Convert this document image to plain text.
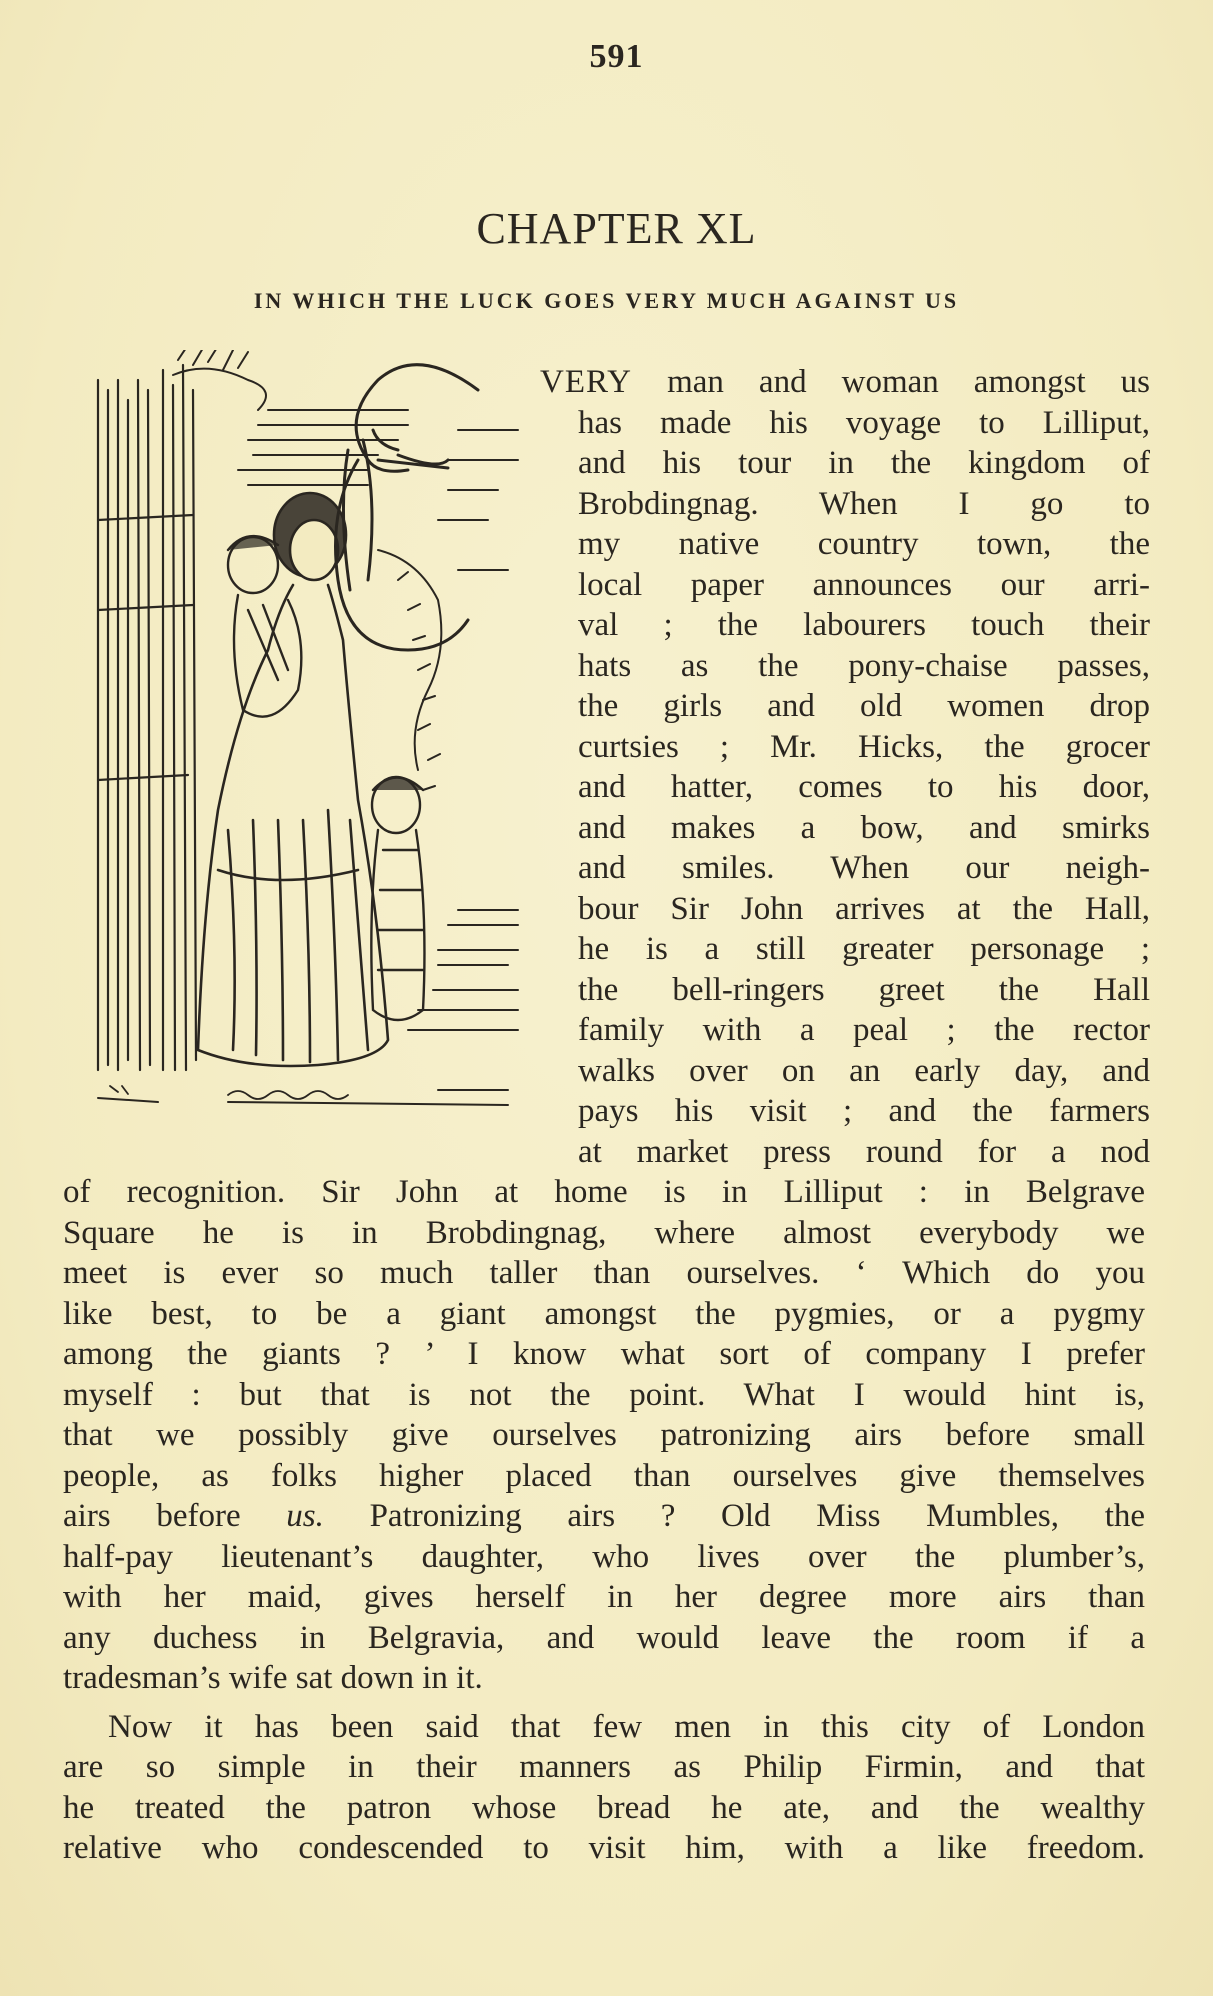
591
CHAPTER XL
IN WHICH THE LUCK GOES VERY MUCH AGAINST US
VERY man and woman amongst us
has made his voyage to Lilliput,
and his tour in the kingdom of
Brobdingnag. When I go to
my native country town, the
local paper announces our arri-
val ; the labourers touch their
hats as the pony-chaise passes,
the girls and old women drop
curtsies ; Mr. Hicks, the grocer
and hatter, comes to his door,
and makes a bow, and smirks
and smiles. When our neigh-
bour Sir John arrives at the Hall,
he is a still greater personage ;
the bell-ringers greet the Hall
family with a peal ; the rector
walks over on an early day, and
pays his visit ; and the farmers
at market press round for a nod
of recognition. Sir John at home is in Lilliput : in Belgrave
Square he is in Brobdingnag, where almost everybody we
meet is ever so much taller than ourselves. ‘ Which do you
like best, to be a giant amongst the pygmies, or a pygmy
among the giants ? ’ I know what sort of company I prefer
myself : but that is not the point. What I would hint is,
that we possibly give ourselves patronizing airs before small
people, as folks higher placed than ourselves give themselves
airs before us. Patronizing airs ? Old Miss Mumbles, the
half-pay lieutenant’s daughter, who lives over the plumber’s,
with her maid, gives herself in her degree more airs than
any duchess in Belgravia, and would leave the room if a
tradesman’s wife sat down in it.
Now it has been said that few men in this city of London
are so simple in their manners as Philip Firmin, and that
he treated the patron whose bread he ate, and the wealthy
relative who condescended to visit him, with a like freedom.
